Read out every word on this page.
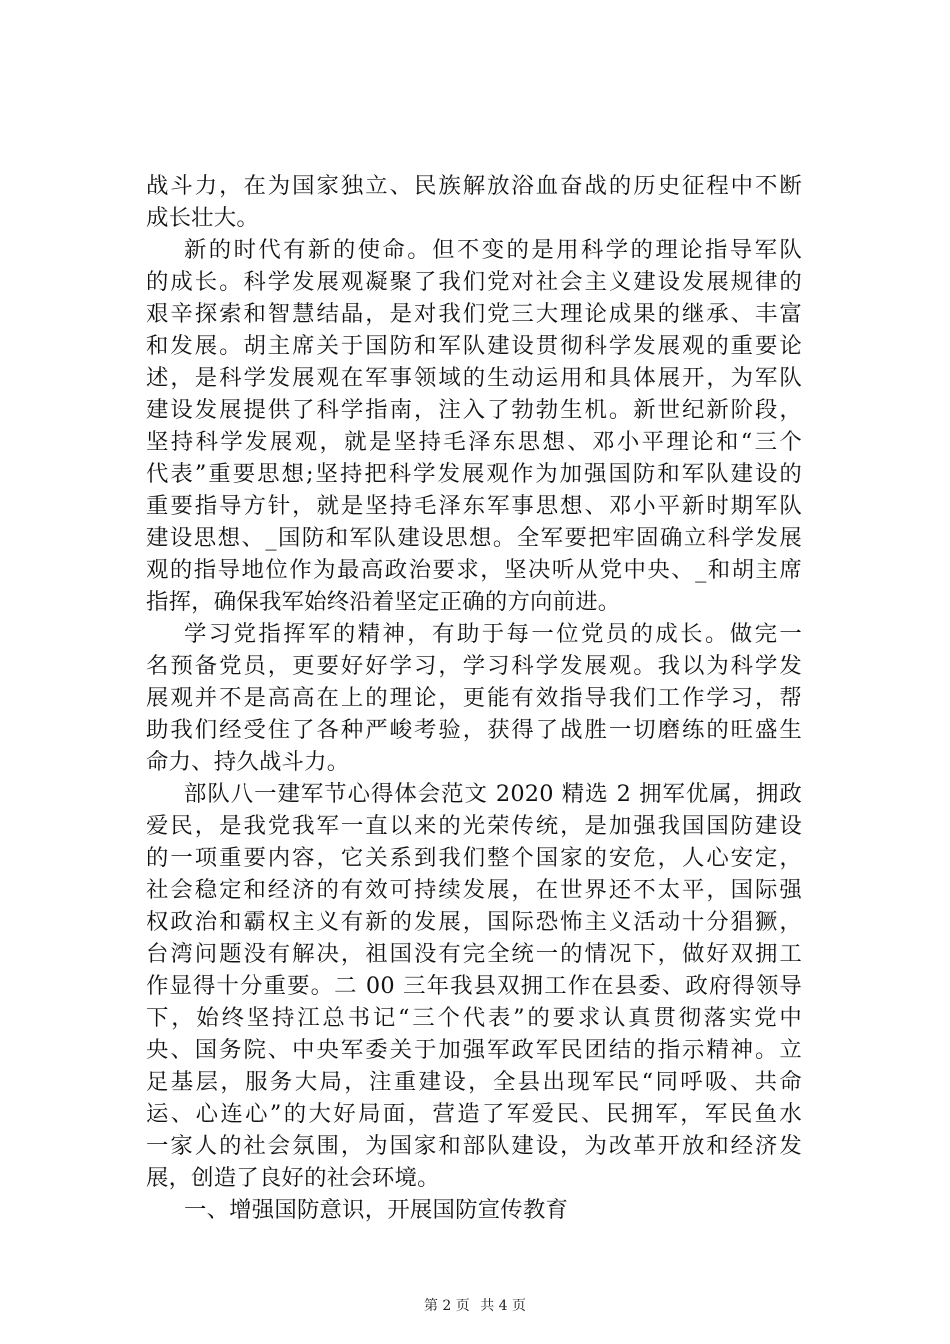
战斗力，在为国家独立、民族解放浴血奋战的历史征程中不断
成长壮大。
新的时代有新的使命。但不变的是用科学的理论指导军队
的成长。科学发展观凝聚了我们党对社会主义建设发展规律的
艰辛探索和智慧结晶，是对我们党三大理论成果的继承、丰富
和发展。胡主席关于国防和军队建设贯彻科学发展观的重要论
述，是科学发展观在军事领域的生动运用和具体展开，为军队
建设发展提供了科学指南，注入了勃勃生机。新世纪新阶段，
坚持科学发展观，就是坚持毛泽东思想、邓小平理论和“三个
代表”重要思想;坚持把科学发展观作为加强国防和军队建设的
重要指导方针，就是坚持毛泽东军事思想、邓小平新时期军队
建设思想、_国防和军队建设思想。全军要把牢固确立科学发展
观的指导地位作为最高政治要求，坚决听从党中央、_和胡主席
指挥，确保我军始终沿着坚定正确的方向前进。
学习党指挥军的精神，有助于每一位党员的成长。做完一
名预备党员，更要好好学习，学习科学发展观。我以为科学发
展观并不是高高在上的理论，更能有效指导我们工作学习，帮
助我们经受住了各种严峻考验，获得了战胜一切磨练的旺盛生
命力、持久战斗力。
部队八一建军节心得体会范文 2020 精选 2 拥军优属，拥政
爱民，是我党我军一直以来的光荣传统，是加强我国国防建设
的一项重要内容，它关系到我们整个国家的安危，人心安定，
社会稳定和经济的有效可持续发展，在世界还不太平，国际强
权政治和霸权主义有新的发展，国际恐怖主义活动十分猖獗，
台湾问题没有解决，祖国没有完全统一的情况下，做好双拥工
作显得十分重要。二 00 三年我县双拥工作在县委、政府得领导
下，始终坚持江总书记“三个代表”的要求认真贯彻落实党中
央、国务院、中央军委关于加强军政军民团结的指示精神。立
足基层，服务大局，注重建设，全县出现军民“同呼吸、共命
运、心连心”的大好局面，营造了军爱民、民拥军，军民鱼水
一家人的社会氛围，为国家和部队建设，为改革开放和经济发
展，创造了良好的社会环境。
一、增强国防意识，开展国防宣传教育
第 2 页 共 4 页
